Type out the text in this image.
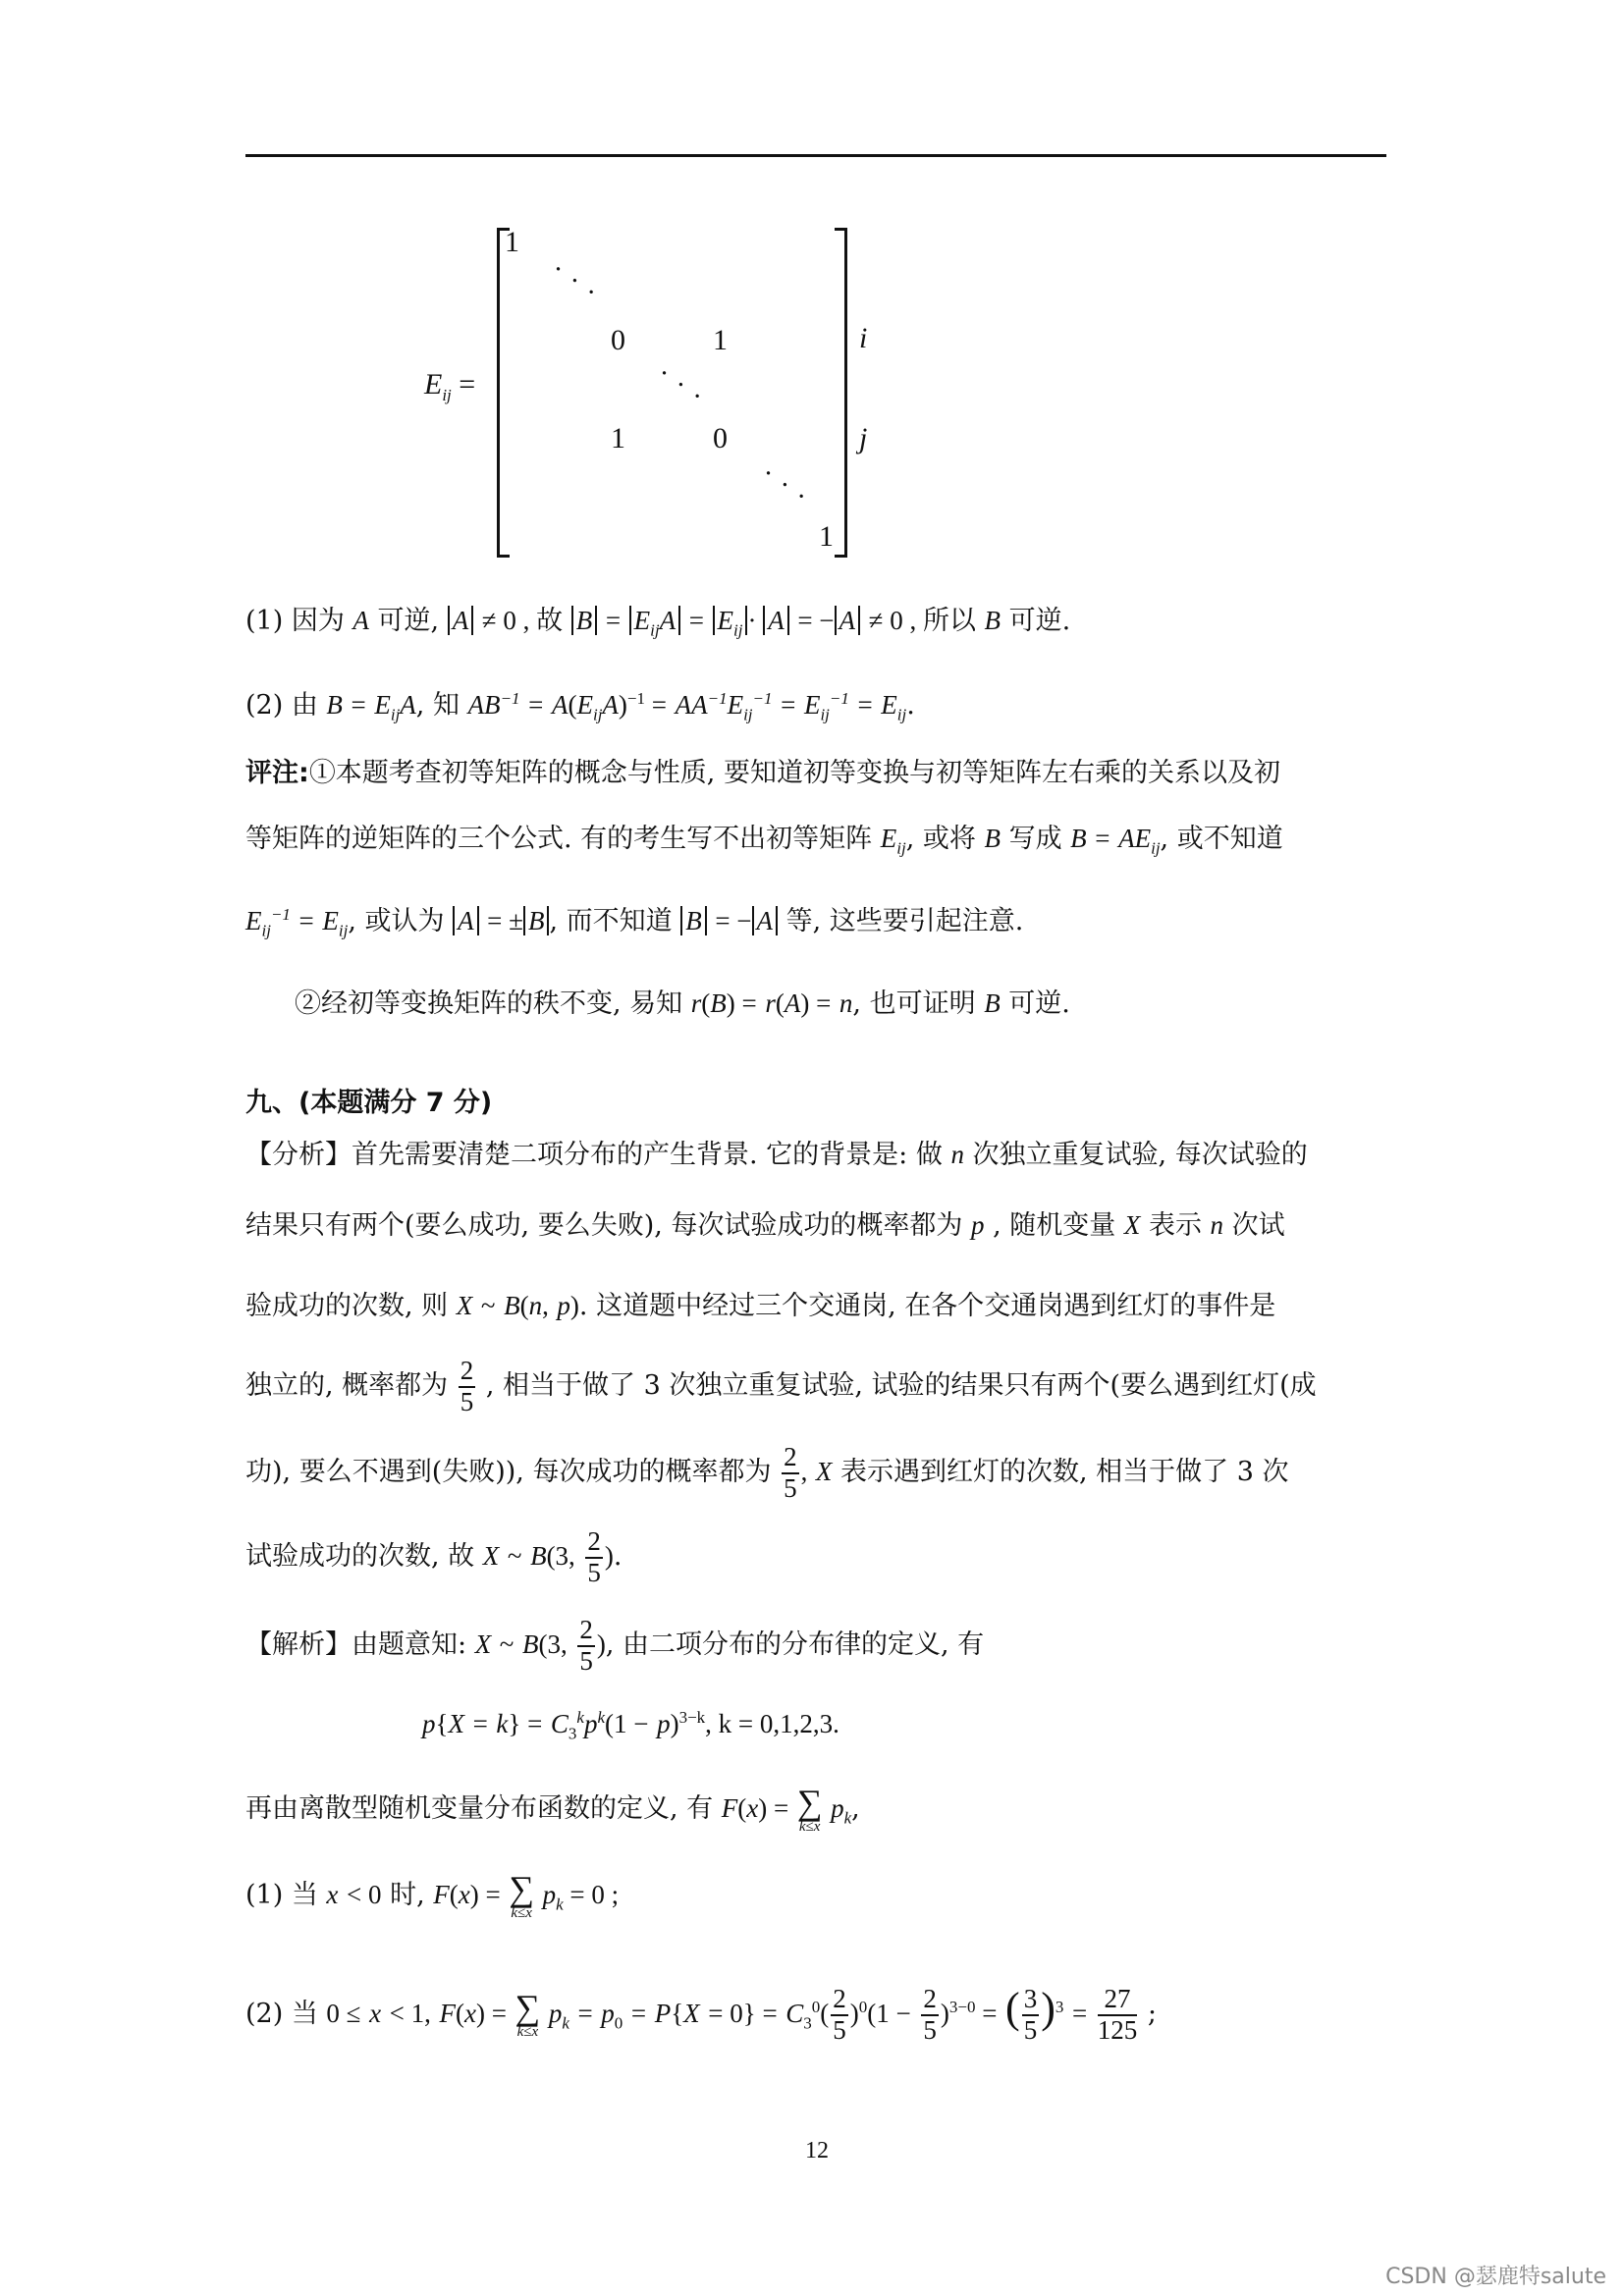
$E_{ij}$ =
1
· · ·
0	1
· · ·
1	0
· · ·
1
i
j
(1) 因为 A 可逆, A ≠ 0 , 故 $B = E_{ij}A = E_{ij} \cdot A$ = − A ≠ 0 , 所以 B 可逆.
(2) 由 $B = E_{ij}A$, 知 $AB^{-1} = A(E_{ij}A)^{-1} = AA^{-1}E_{ij}^{-1} = E_{ij}^{-1} = E_{ij}$.
评注:①本题考查初等矩阵的概念与性质, 要知道初等变换与初等矩阵左右乘的关系以及初
等矩阵的逆矩阵的三个公式. 有的考生写不出初等矩阵 $E_{ij}$, 或将 B 写成 $B = AE_{ij}$, 或不知道
$E_{ij}^{-1} = E_{ij}$, 或认为 A = ± B , 而不知道 B = − A 等, 这些要引起注意.
②经初等变换矩阵的秩不变, 易知 r(B) = r(A) = n, 也可证明 B 可逆.
九、(本题满分 7 分)
【分析】首先需要清楚二项分布的产生背景. 它的背景是: 做 n 次独立重复试验, 每次试验的
结果只有两个(要么成功, 要么失败), 每次试验成功的概率都为 p , 随机变量 X 表示 n 次试
验成功的次数, 则 X ~ B(n, p). 这道题中经过三个交通岗, 在各个交通岗遇到红灯的事件是
独立的, 概率都为 $\frac{2}{5}$ , 相当于做了 3 次独立重复试验, 试验的结果只有两个(要么遇到红灯(成
功), 要么不遇到(失败)), 每次成功的概率都为 $\frac{2}{5}$ , X 表示遇到红灯的次数, 相当于做了 3 次
试验成功的次数, 故 X ~ B(3, $\frac{2}{5}$ ).
【解析】由题意知: X ~ B(3, $\frac{2}{5}$ ), 由二项分布的分布律的定义, 有
$p\{X = k\} = C_3^kp^k(1 - p)^{3-k}$, k = 0,1,2,3.
再由离散型随机变量分布函数的定义, 有 F(x) = ∑
k≤x
$p_k$,
(1) 当 x < 0 时, F(x) = ∑
k≤x
$p_k = 0$ ;
(2) 当 0 ≤ x < 1, F(x) = ∑
k≤x
$p_k = p_0 = P\{X = 0\} = C_3^0( \frac{2}{5} )^0(1 - \frac{2}{5} )^{3-0}$ = ( $\frac{3}{5} )^3 = \frac{27}{125}$ ;
12
CSDN @瑟鹿特salute
